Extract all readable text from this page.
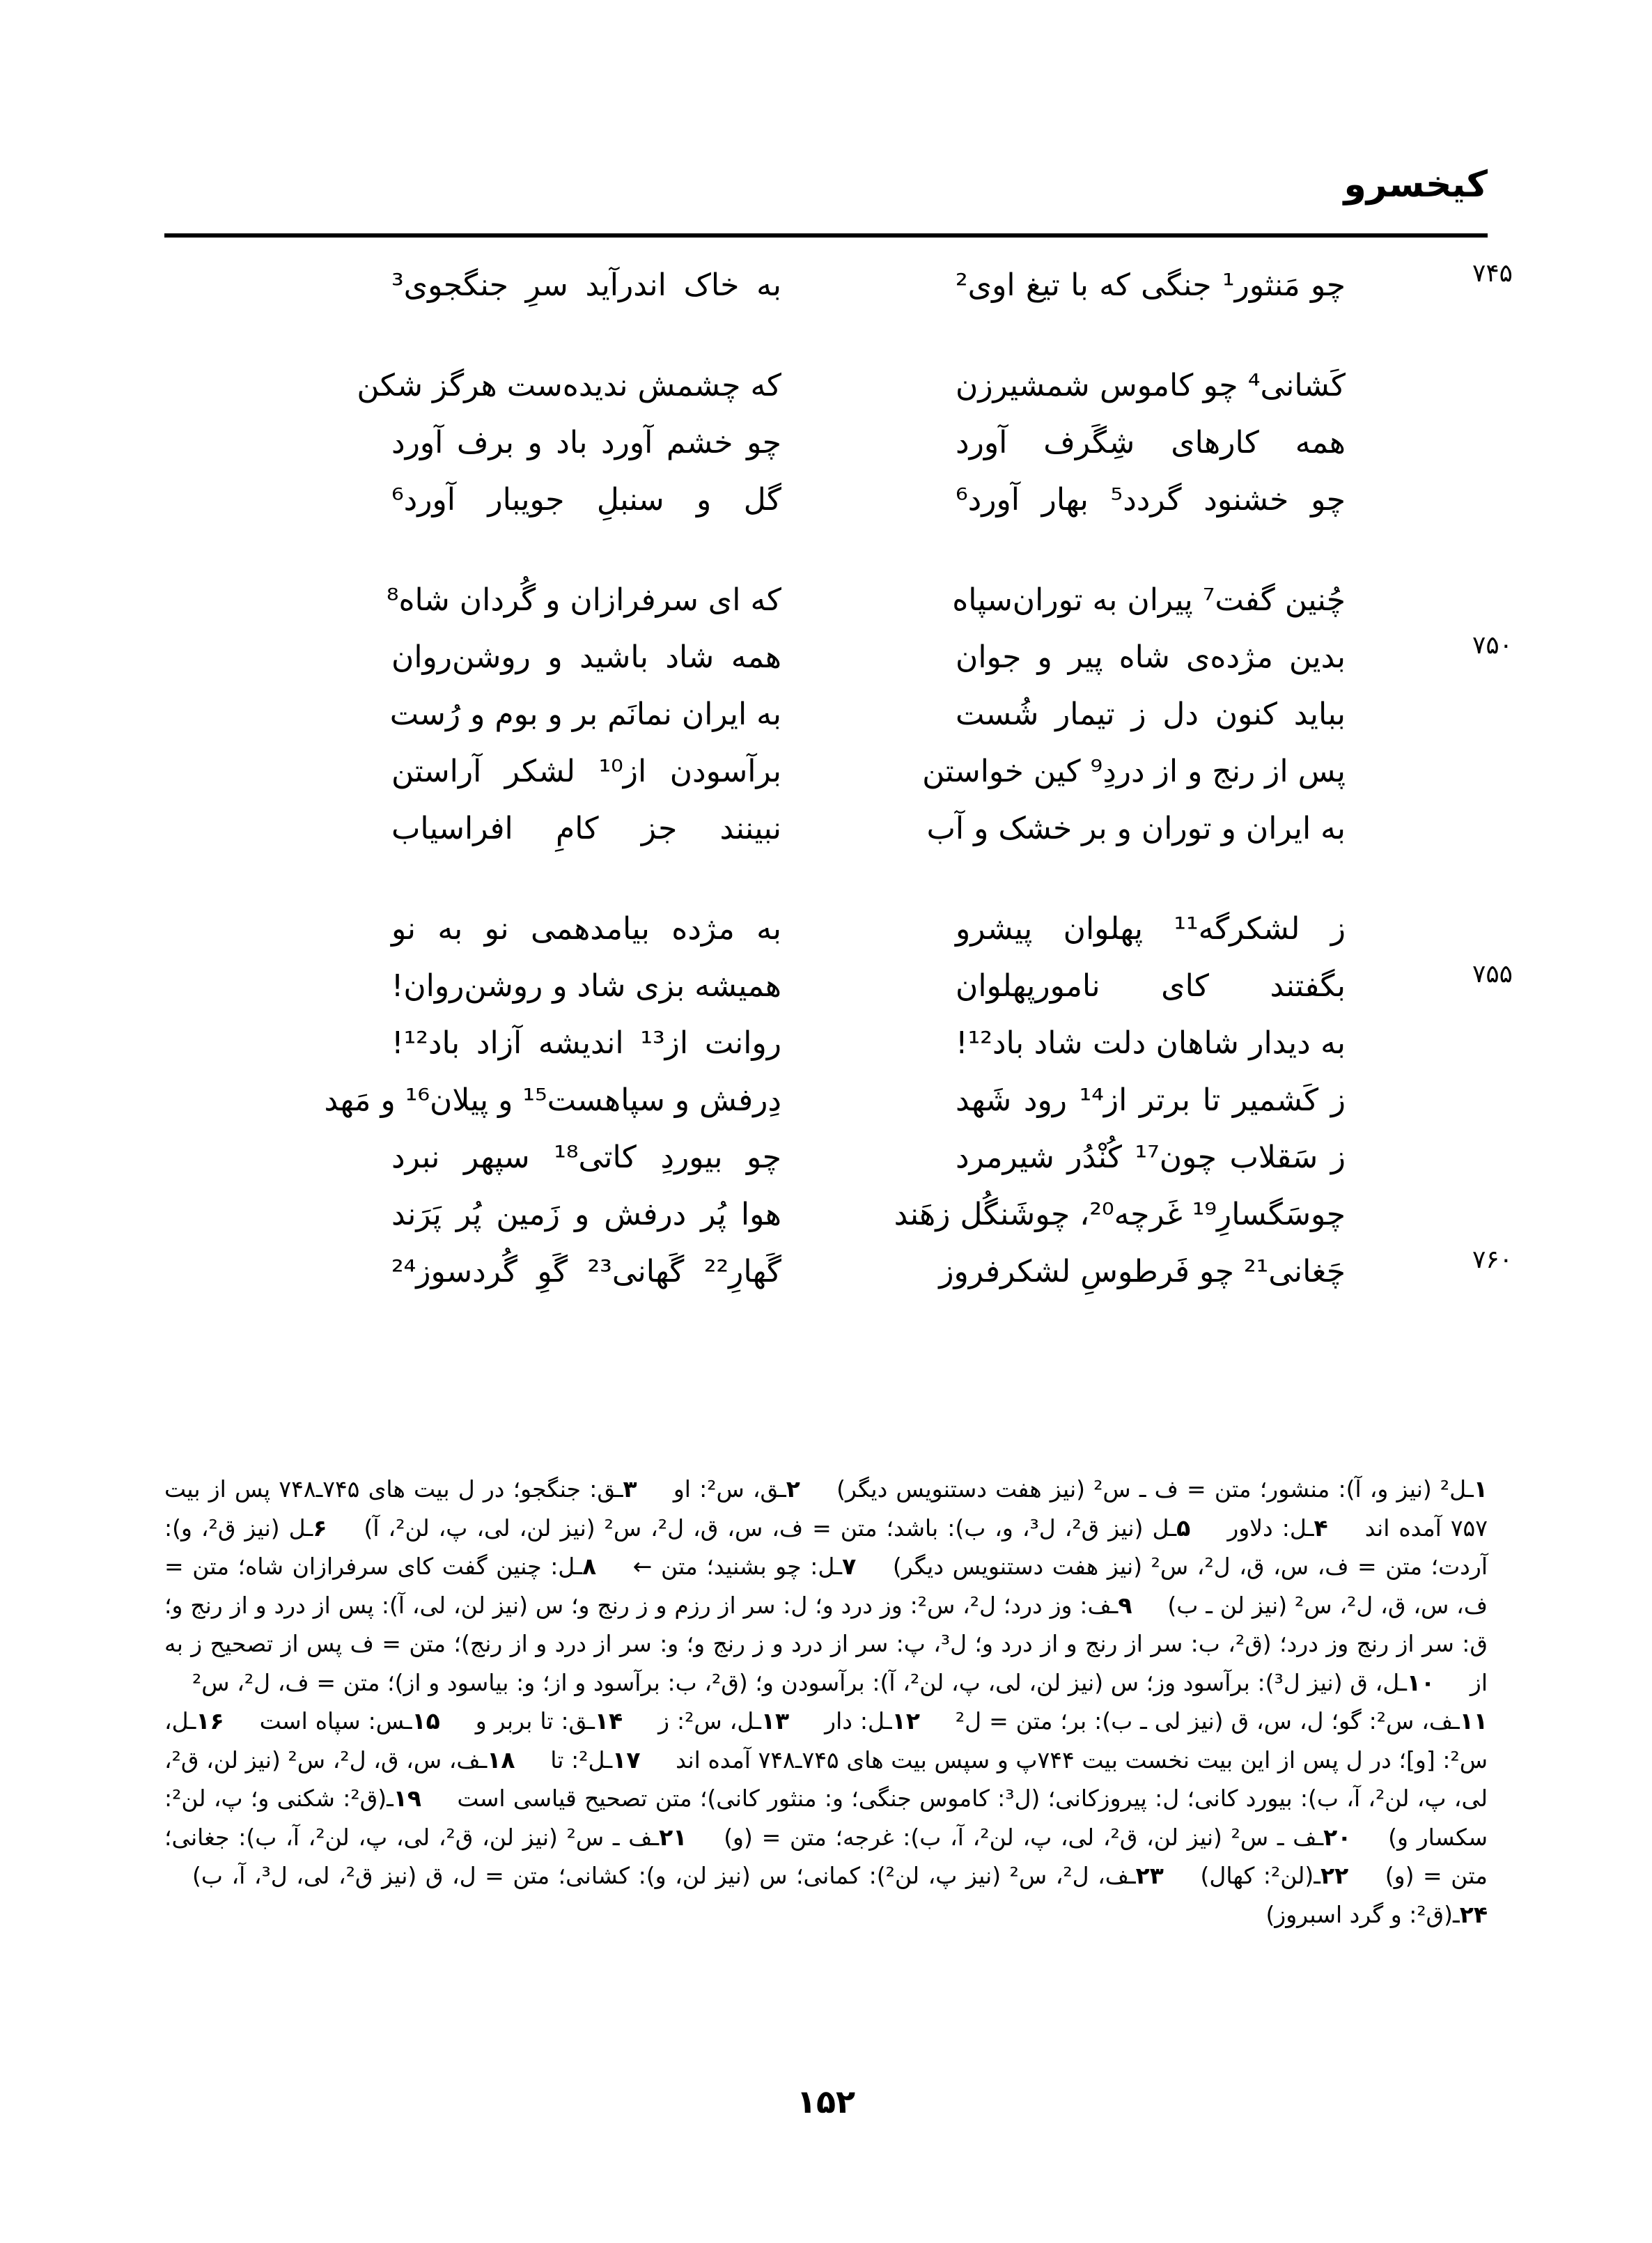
کیخسرو
۷۴۵
چو مَنثور¹ جنگی که با تیغ اوی²
به خاک اندرآید سرِ جنگجوی³
کَشانی⁴ چو کاموس شمشیرزن
که چشمش ندیده‌ست هرگز شکن
همه کارهای شِگَرف آورد
چو خشم آورد باد و برف آورد
چو خشنود گردد⁵ بهار آورد⁶
گل و سنبلِ جویبار آورد⁶
چُنین گفت⁷ پیران به توران‌سپاه
که ای سرفرازان و گُردان شاه⁸
۷۵۰
بدین مژده‌ی شاه پیر و جوان
همه شاد باشید و روشن‌روان
بباید کنون دل ز تیمار شُست
به ایران نمانَم بر و بوم و رُست
پس از رنج و از دردِ⁹ کین خواستن
برآسودن از¹⁰ لشکر آراستن
به ایران و توران و بر خشک و آب
نبینند جز کامِ افراسیاب
ز لشکرگه¹¹ پهلوان پیشرو
به مژده بیامدهمی نو به نو
۷۵۵
بگفتند کای نامورپهلوان
همیشه بزی شاد و روشن‌روان!
به دیدار شاهان دلت شاد باد¹²!
روانت از¹³ اندیشه آزاد باد¹²!
ز کَشمیر تا برتر از¹⁴ رود شَهد
دِرفش و سپاهست¹⁵ و پیلان¹⁶ و مَهد
ز سَقلاب چون¹⁷ کُنْدُر شیرمرد
چو بیوردِ کاتی¹⁸ سپهر نبرد
چوسَگسارِ¹⁹ غَرچه²⁰، چوشَنگُل زهَند
هوا پُر درفش و زَمین پُر پَرَند
۷۶۰
چَغانی²¹ چو فَرطوسِ لشکرفروز
گَهارِ²² گَهانی²³ گَوِ گُردسوز²⁴
۱ـل² (نیز و، آ): منشور؛ متن = ف ـ س² (نیز هفت دستنویس دیگر) ۲ـق، س²: او ۳ـق: جنگجو؛ در ل بیت های ۷۴۵ـ۷۴۸ پس از بیت ۷۵۷ آمده اند ۴ـل: دلاور ۵ـل (نیز ق²، ل³، و، ب): باشد؛ متن = ف، س، ق، ل²، س² (نیز لن، لی، پ، لن²، آ) ۶ـل (نیز ق²، و): آردت؛ متن = ف، س، ق، ل²، س² (نیز هفت دستنویس دیگر) ۷ـل: چو بشنید؛ متن ← ۸ـل: چنین گفت کای سرفرازان شاه؛ متن = ف، س، ق، ل²، س² (نیز لن ـ ب) ۹ـف: وز درد؛ ل²، س²: وز درد و؛ ل: سر از رزم و ز رنج و؛ س (نیز لن، لی، آ): پس از درد و از رنج و؛ ق: سر از رنج وز درد؛ (ق²، ب: سر از رنج و از درد و؛ ل³، پ: سر از درد و ز رنج و؛ و: سر از درد و از رنج)؛ متن = ف پس از تصحیح ز به از ۱۰ـل، ق (نیز ل³): برآسود وز؛ س (نیز لن، لی، پ، لن²، آ): برآسودن و؛ (ق²، ب: برآسود و از؛ و: بیاسود و از)؛ متن = ف، ل²، س² ۱۱ـف، س²: گو؛ ل، س، ق (نیز لی ـ ب): بر؛ متن = ل² ۱۲ـل: دار ۱۳ـل، س²: ز ۱۴ـق: تا بربر و ۱۵ـس: سپاه است ۱۶ـل، س²: [و]؛ در ل پس از این بیت نخست بیت ۷۴۴پ و سپس بیت های ۷۴۵ـ۷۴۸ آمده اند ۱۷ـل²: تا ۱۸ـف، س، ق، ل²، س² (نیز لن، ق²، لی، پ، لن²، آ، ب): بیورد کانی؛ ل: پیروزکانی؛ (ل³: کاموس جنگی؛ و: منثور کانی)؛ متن تصحیح قیاسی است ۱۹ـ(ق²: شکنی و؛ پ، لن²: سکسار و) ۲۰ـف ـ س² (نیز لن، ق²، لی، پ، لن²، آ، ب): غرجه؛ متن = (و) ۲۱ـف ـ س² (نیز لن، ق²، لی، پ، لن²، آ، ب): جغانی؛ متن = (و) ۲۲ـ(لن²: کهال) ۲۳ـف، ل²، س² (نیز پ، لن²): کمانی؛ س (نیز لن، و): کشانی؛ متن = ل، ق (نیز ق²، لی، ل³، آ، ب) ۲۴ـ(ق²: و گرد اسبروز)
۱۵۲
